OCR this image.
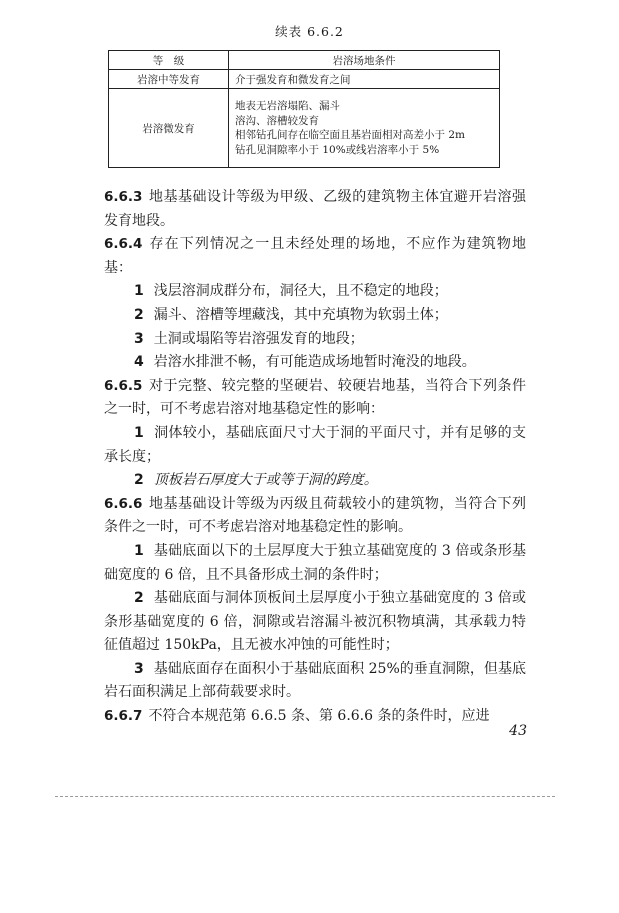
续表 6.6.2
等　级	岩溶场地条件
岩溶中等发育	介于强发育和微发育之间

岩溶微发育	地表无岩溶塌陷、漏斗
溶沟、溶槽较发育
相邻钻孔间存在临空面且基岩面相对高差小于 2m
钻孔见洞隙率小于 10%或线岩溶率小于 5%

6.6.3 地基基础设计等级为甲级、乙级的建筑物主体宜避开岩溶强发育地段。

6.6.4 存在下列情况之一且未经处理的场地，不应作为建筑物地基：

1 浅层溶洞成群分布，洞径大，且不稳定的地段；

2 漏斗、溶槽等埋藏浅，其中充填物为软弱土体；

3 土洞或塌陷等岩溶强发育的地段；

4 岩溶水排泄不畅，有可能造成场地暂时淹没的地段。

6.6.5 对于完整、较完整的坚硬岩、较硬岩地基，当符合下列条件之一时，可不考虑岩溶对地基稳定性的影响：

1 洞体较小，基础底面尺寸大于洞的平面尺寸，并有足够的支承长度；

2 顶板岩石厚度大于或等于洞的跨度。

6.6.6 地基基础设计等级为丙级且荷载较小的建筑物，当符合下列条件之一时，可不考虑岩溶对地基稳定性的影响。

1 基础底面以下的土层厚度大于独立基础宽度的 3 倍或条形基础宽度的 6 倍，且不具备形成土洞的条件时；

2 基础底面与洞体顶板间土层厚度小于独立基础宽度的 3 倍或条形基础宽度的 6 倍，洞隙或岩溶漏斗被沉积物填满，其承载力特征值超过 150kPa，且无被水冲蚀的可能性时；

3 基础底面存在面积小于基础底面积 25%的垂直洞隙，但基底岩石面积满足上部荷载要求时。

6.6.7 不符合本规范第 6.6.5 条、第 6.6.6 条的条件时，应进

43
